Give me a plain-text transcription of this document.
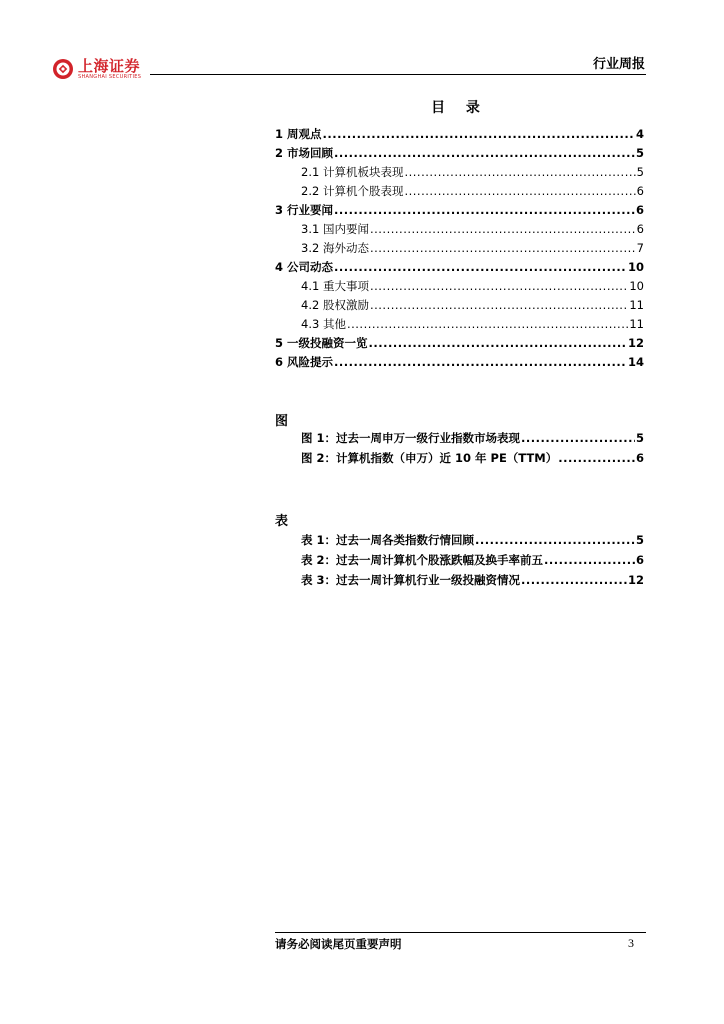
上海证券
SHANGHAI SECURITIES
行业周报
目 录
1 周观点 .....	4
2 市场回顾 .....	5
2.1 计算机板块表现 .....	5
2.2 计算机个股表现 .....	6
3 行业要闻 .....	6
3.1 国内要闻 .....	6
3.2 海外动态 .....	7
4 公司动态 .....	10
4.1 重大事项 .....	10
4.2 股权激励 .....	11
4.3 其他 .....	11
5 一级投融资一览 .....	12
6 风险提示 .....	14
图
图 1：过去一周申万一级行业指数市场表现 .....	5
图 2：计算机指数（申万）近 10 年 PE（TTM） .....	6
表
表 1：过去一周各类指数行情回顾 .....	5
表 2：过去一周计算机个股涨跌幅及换手率前五 .....	6
表 3：过去一周计算机行业一级投融资情况 .....	12
请务必阅读尾页重要声明	3
